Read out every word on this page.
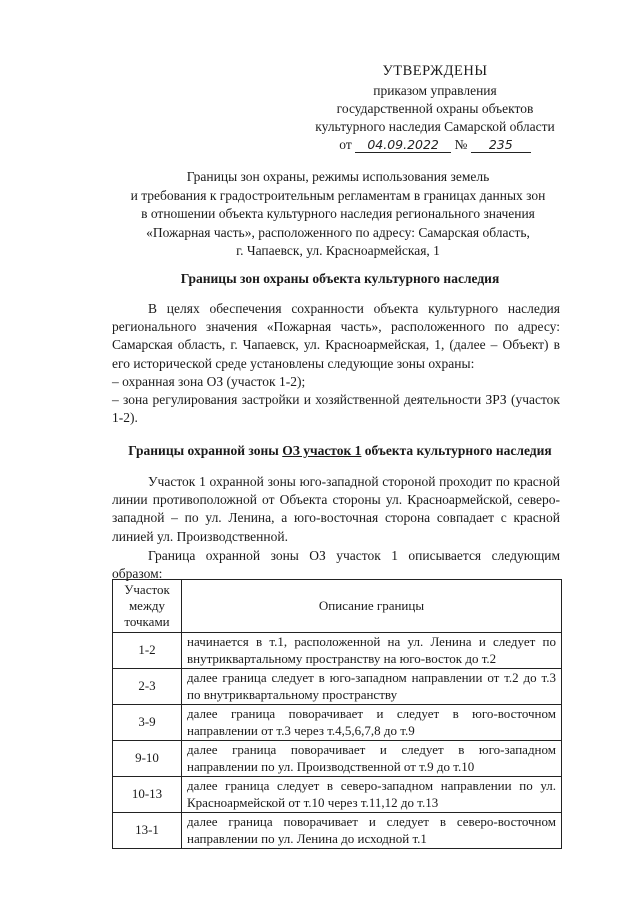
УТВЕРЖДЕНЫ
приказом управления
государственной охраны объектов
культурного наследия Самарской области
от 04.09.2022 № 235
Границы зон охраны, режимы использования земель
и требования к градостроительным регламентам в границах данных зон
в отношении объекта культурного наследия регионального значения
«Пожарная часть», расположенного по адресу: Самарская область,
г. Чапаевск, ул. Красноармейская, 1
Границы зон охраны объекта культурного наследия
В целях обеспечения сохранности объекта культурного наследия регионального значения «Пожарная часть», расположенного по адресу: Самарская область, г. Чапаевск, ул. Красноармейская, 1, (далее – Объект) в его исторической среде установлены следующие зоны охраны:
– охранная зона ОЗ (участок 1-2);
– зона регулирования застройки и хозяйственной деятельности ЗРЗ (участок 1-2).
Границы охранной зоны ОЗ участок 1 объекта культурного наследия
Участок 1 охранной зоны юго-западной стороной проходит по красной линии противоположной от Объекта стороны ул. Красноармейской, северо-западной – по ул. Ленина, а юго-восточная сторона совпадает с красной линией ул. Производственной.
Граница охранной зоны ОЗ участок 1 описывается следующим образом:
Участок между точками	Описание границы
1-2	начинается в т.1, расположенной на ул. Ленина и следует по внутриквартальному пространству на юго-восток до т.2
2-3	далее граница следует в юго-западном направлении от т.2 до т.3 по внутриквартальному пространству
3-9	далее граница поворачивает и следует в юго-восточном направлении от т.3 через т.4,5,6,7,8 до т.9
9-10	далее граница поворачивает и следует в юго-западном направлении по ул. Производственной от т.9 до т.10
10-13	далее граница следует в северо-западном направлении по ул. Красноармейской от т.10 через т.11,12 до т.13
13-1	далее граница поворачивает и следует в северо-восточном направлении по ул. Ленина до исходной т.1
